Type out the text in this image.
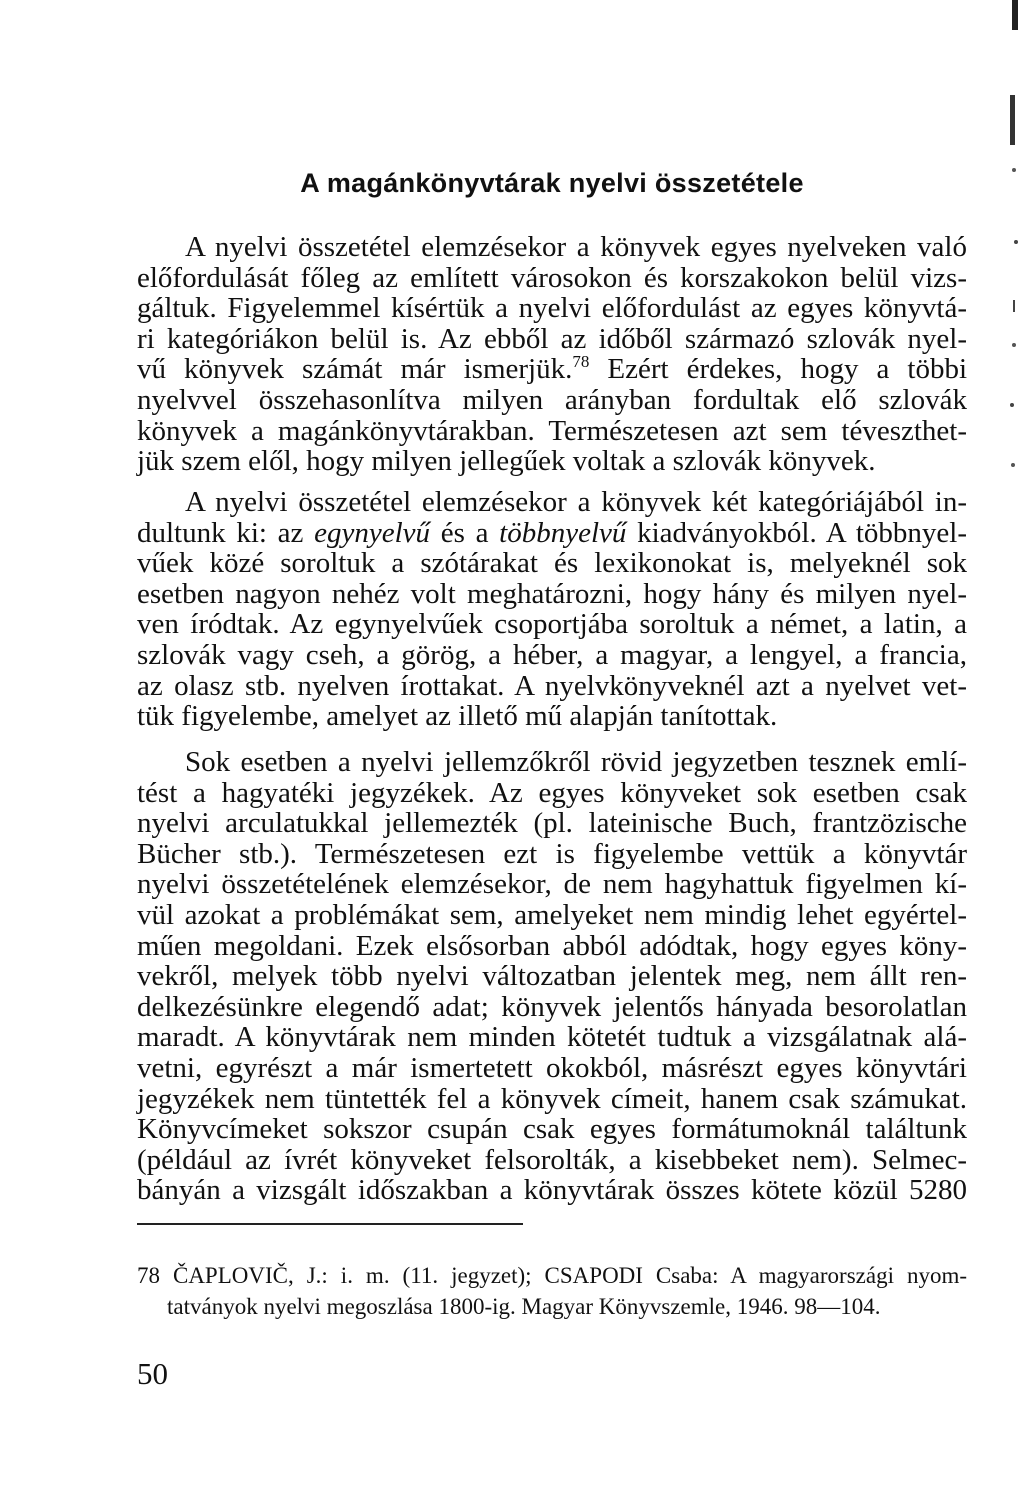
A magánkönyvtárak nyelvi összetétele
A nyelvi összetétel elemzésekor a könyvek egyes nyelveken való
előfordulását főleg az említett városokon és korszakokon belül vizs-
gáltuk. Figyelemmel kísértük a nyelvi előfordulást az egyes könyvtá-
ri kategóriákon belül is. Az ebből az időből származó szlovák nyel-
vű könyvek számát már ismerjük.$^{78}$ Ezért érdekes, hogy a többi
nyelvvel összehasonlítva milyen arányban fordultak elő szlovák
könyvek a magánkönyvtárakban. Természetesen azt sem téveszthet-
jük szem elől, hogy milyen jellegűek voltak a szlovák könyvek.
A nyelvi összetétel elemzésekor a könyvek két kategóriájából in-
dultunk ki: az egynyelvű és a többnyelvű kiadványokból. A többnyel-
vűek közé soroltuk a szótárakat és lexikonokat is, melyeknél sok
esetben nagyon nehéz volt meghatározni, hogy hány és milyen nyel-
ven íródtak. Az egynyelvűek csoportjába soroltuk a német, a latin, a
szlovák vagy cseh, a görög, a héber, a magyar, a lengyel, a francia,
az olasz stb. nyelven írottakat. A nyelvkönyveknél azt a nyelvet vet-
tük figyelembe, amelyet az illető mű alapján tanítottak.
Sok esetben a nyelvi jellemzőkről rövid jegyzetben tesznek emlí-
tést a hagyatéki jegyzékek. Az egyes könyveket sok esetben csak
nyelvi arculatukkal jellemezték (pl. lateinische Buch, frantzözische
Bücher stb.). Természetesen ezt is figyelembe vettük a könyvtár
nyelvi összetételének elemzésekor, de nem hagyhattuk figyelmen kí-
vül azokat a problémákat sem, amelyeket nem mindig lehet egyértel-
műen megoldani. Ezek elsősorban abból adódtak, hogy egyes köny-
vekről, melyek több nyelvi változatban jelentek meg, nem állt ren-
delkezésünkre elegendő adat; könyvek jelentős hányada besorolatlan
maradt. A könyvtárak nem minden kötetét tudtuk a vizsgálatnak alá-
vetni, egyrészt a már ismertetett okokból, másrészt egyes könyvtári
jegyzékek nem tüntették fel a könyvek címeit, hanem csak számukat.
Könyvcímeket sokszor csupán csak egyes formátumoknál találtunk
(például az ívrét könyveket felsorolták, a kisebbeket nem). Selmec-
bányán a vizsgált időszakban a könyvtárak összes kötete közül 5280
78 ČAPLOVIČ, J.: i. m. (11. jegyzet); CSAPODI Csaba: A magyarországi nyom-
tatványok nyelvi megoszlása 1800-ig. Magyar Könyvszemle, 1946. 98—104.
50
